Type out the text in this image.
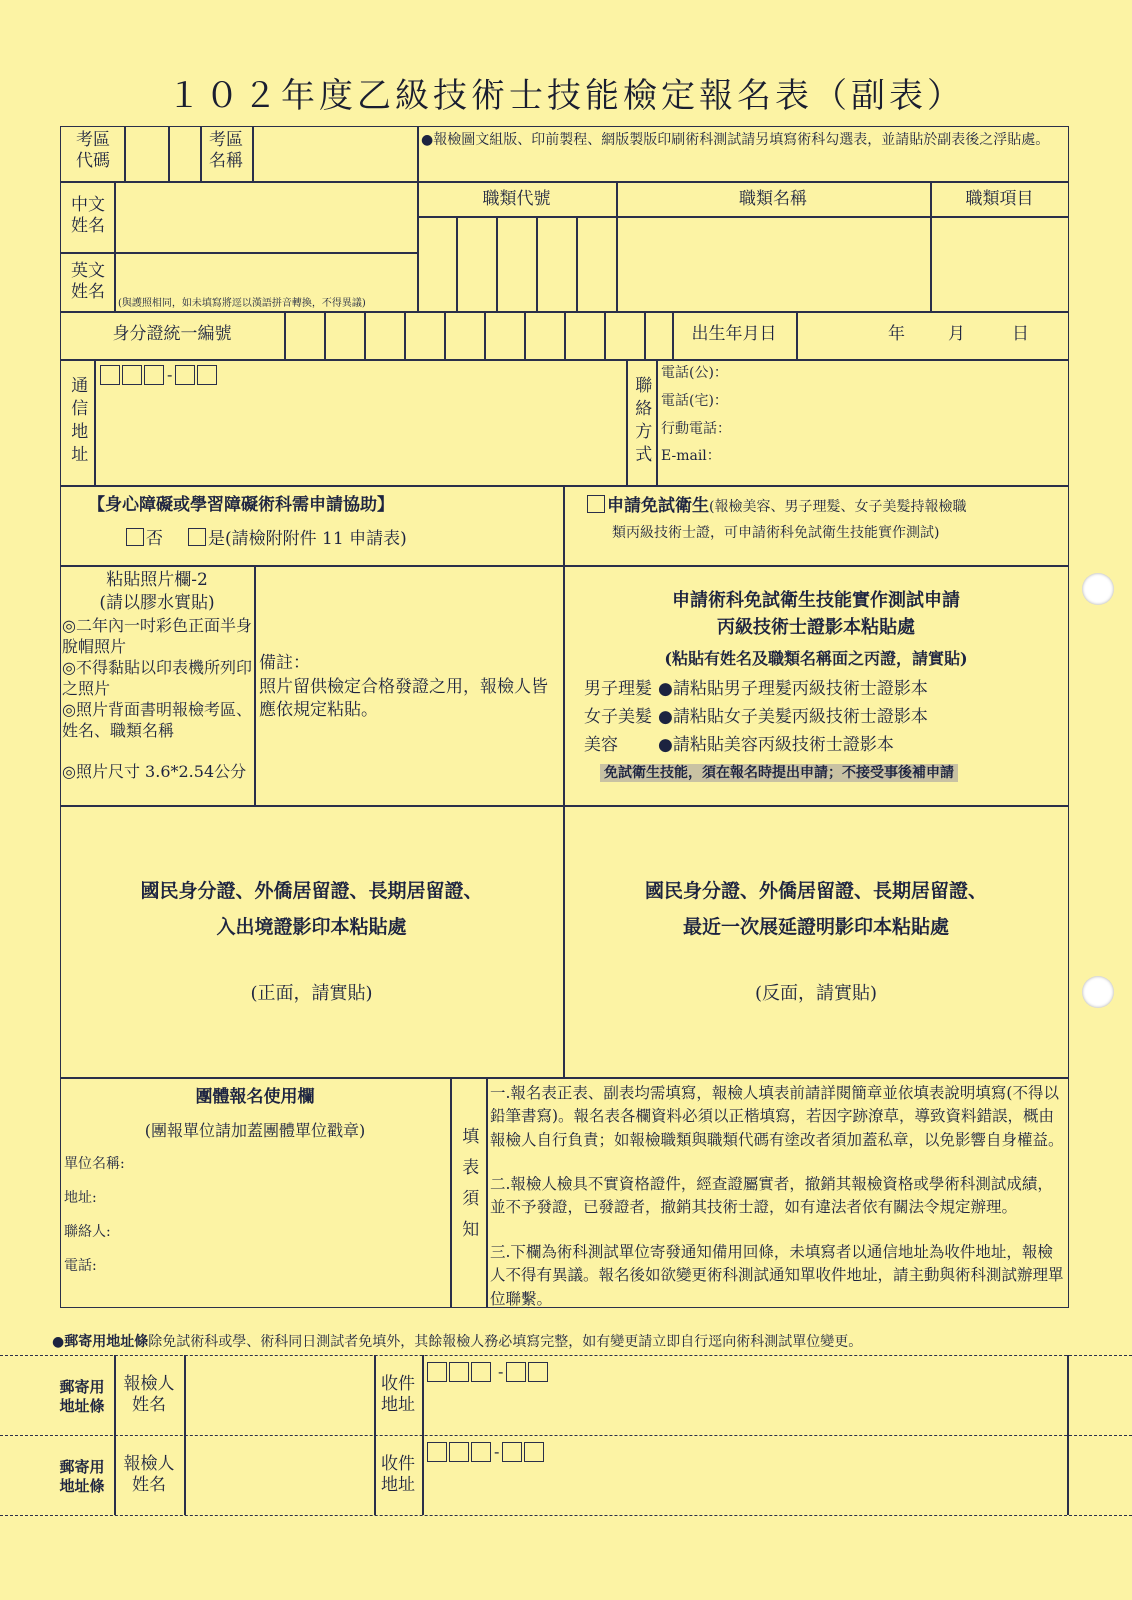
１０２年度乙級技術士技能檢定報名表（副表）
考區
代碼
考區
名稱
●報檢圖文組版、印前製程、網版製版印刷術科測試請另填寫術科勾選表，並請貼於副表後之浮貼處。
中文
姓名
英文
姓名
(與護照相同，如未填寫將逕以漢語拼音轉換，不得異議)
職類代號	職類名稱	職類項目
身分證統一編號	出生年月日	年	月	日
通信地址
-
聯絡方式
電話(公)：
電話(宅)：
行動電話：
E-mail：
【身心障礙或學習障礙術科需申請協助】
否	是(請檢附附件 11 申請表)
申請免試衛生(報檢美容、男子理髮、女子美髮持報檢職
類丙級技術士證，可申請術科免試衛生技能實作測試)
粘貼照片欄-2
(請以膠水實貼)
◎二年內一吋彩色正面半身脫帽照片
◎不得黏貼以印表機所列印之照片
◎照片背面書明報檢考區、姓名、職類名稱
◎照片尺寸 3.6*2.54公分
備註：
照片留供檢定合格發證之用，報檢人皆應依規定粘貼。
申請術科免試衛生技能實作測試申請
丙級技術士證影本粘貼處
(粘貼有姓名及職類名稱面之丙證，請實貼)
男子理髮 ●請粘貼男子理髮丙級技術士證影本
女子美髮 ●請粘貼女子美髮丙級技術士證影本
美容	●請粘貼美容丙級技術士證影本
免試衛生技能，須在報名時提出申請；不接受事後補申請
國民身分證、外僑居留證、長期居留證、
入出境證影印本粘貼處
(正面，請實貼)
國民身分證、外僑居留證、長期居留證、
最近一次展延證明影印本粘貼處
(反面，請實貼)
團體報名使用欄
(團報單位請加蓋團體單位戳章)
單位名稱:
地址:
聯絡人:
電話:
填表須知
一.報名表正表、副表均需填寫，報檢人填表前請詳閱簡章並依填表說明填寫(不得以鉛筆書寫)。報名表各欄資料必須以正楷填寫，若因字跡潦草，導致資料錯誤，概由報檢人自行負責；如報檢職類與職類代碼有塗改者須加蓋私章，以免影響自身權益。
二.報檢人檢具不實資格證件，經查證屬實者，撤銷其報檢資格或學術科測試成績，並不予發證，已發證者，撤銷其技術士證，如有違法者依有關法令規定辦理。
三.下欄為術科測試單位寄發通知備用回條，未填寫者以通信地址為收件地址，報檢人不得有異議。報名後如欲變更術科測試通知單收件地址，請主動與術科測試辦理單位聯繫。
●郵寄用地址條除免試術科或學、術科同日測試者免填外，其餘報檢人務必填寫完整，如有變更請立即自行逕向術科測試單位變更。
郵寄用
地址條
報檢人
姓名
收件
地址
-
郵寄用
地址條
報檢人
姓名
收件
地址
-
